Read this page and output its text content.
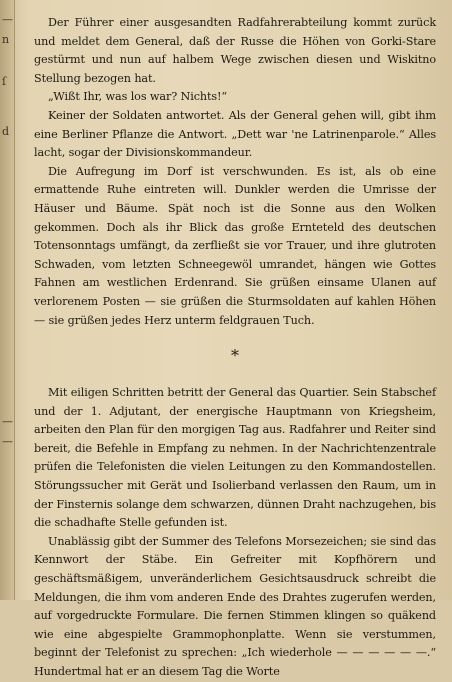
—
n
ſ
d
—
—

Der Führer einer ausgesandten Radfahrerabteilung kommt zurück und meldet dem General, daß der Russe die Höhen von Gorki-Stare gestürmt und nun auf halbem Wege zwischen diesen und Wiskitno Stellung bezogen hat.

„Wißt Ihr, was los war? Nichts!“

Keiner der Soldaten antwortet. Als der General gehen will, gibt ihm eine Berliner Pflanze die Antwort. „Dett war 'ne Latrinenparole.“ Alles lacht, sogar der Divisionskommandeur.

Die Aufregung im Dorf ist verschwunden. Es ist, als ob eine ermattende Ruhe eintreten will. Dunkler werden die Umrisse der Häuser und Bäume. Spät noch ist die Sonne aus den Wolken gekommen. Doch als ihr Blick das große Ernteteld des deutschen Totensonntags umfängt, da zerfließt sie vor Trauer, und ihre glutroten Schwaden, vom letzten Schneegewöl umrandet, hängen wie Gottes Fahnen am westlichen Erdenrand. Sie grüßen einsame Ulanen auf verlorenem Posten — sie grüßen die Sturmsoldaten auf kahlen Höhen — sie grüßen jedes Herz unterm feldgrauen Tuch.

*

Mit eiligen Schritten betritt der General das Quartier. Sein Stabschef und der 1. Adjutant, der energische Hauptmann von Kriegsheim, arbeiten den Plan für den morgigen Tag aus. Radfahrer und Reiter sind bereit, die Befehle in Empfang zu nehmen. In der Nachrichtenzentrale prüfen die Telefonisten die vielen Leitungen zu den Kommandostellen. Störungssucher mit Gerät und Isolierband verlassen den Raum, um in der Finsternis solange dem schwarzen, dünnen Draht nachzugehen, bis die schadhafte Stelle gefunden ist.

Unablässig gibt der Summer des Telefons Morsezeichen; sie sind das Kennwort der Stäbe. Ein Gefreiter mit Kopfhörern und geschäftsmäßigem, unveränderlichem Gesichtsausdruck schreibt die Meldungen, die ihm vom anderen Ende des Drahtes zugerufen werden, auf vorgedruckte Formulare. Die fernen Stimmen klingen so quäkend wie eine abgespielte Grammophonplatte. Wenn sie verstummen, beginnt der Telefonist zu sprechen: „Ich wiederhole — — — — — —.“ Hundertmal hat er an diesem Tag die Worte
